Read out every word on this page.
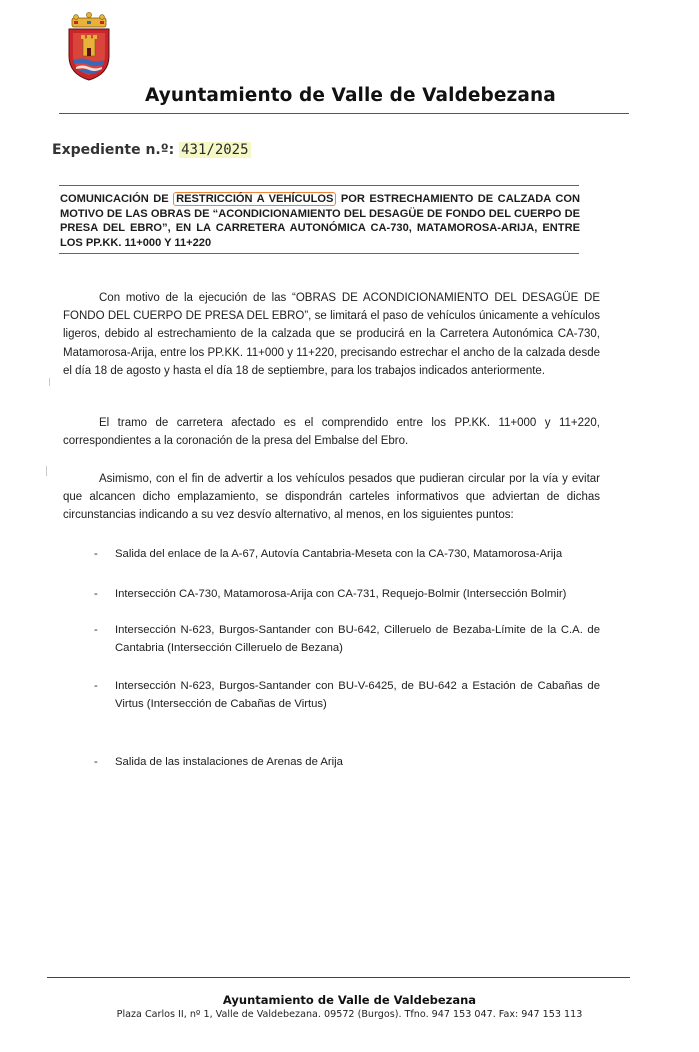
Ayuntamiento de Valle de Valdebezana
Expediente n.º: 431/2025
COMUNICACIÓN DE RESTRICCIÓN A VEHÍCULOS POR ESTRECHAMIENTO DE CALZADA CON MOTIVO DE LAS OBRAS DE “ACONDICIONAMIENTO DEL DESAGÜE DE FONDO DEL CUERPO DE PRESA DEL EBRO”, EN LA CARRETERA AUTONÓMICA CA-730, MATAMOROSA-ARIJA, ENTRE LOS PP.KK. 11+000 Y 11+220
Con motivo de la ejecución de las “OBRAS DE ACONDICIONAMIENTO DEL DESAGÜE DE FONDO DEL CUERPO DE PRESA DEL EBRO”, se limitará el paso de vehículos únicamente a vehículos ligeros, debido al estrechamiento de la calzada que se producirá en la Carretera Autonómica CA-730, Matamorosa-Arija, entre los PP.KK. 11+000 y 11+220, precisando estrechar el ancho de la calzada desde el día 18 de agosto y hasta el día 18 de septiembre, para los trabajos indicados anteriormente.
El tramo de carretera afectado es el comprendido entre los PP.KK. 11+000 y 11+220, correspondientes a la coronación de la presa del Embalse del Ebro.
Asimismo, con el fin de advertir a los vehículos pesados que pudieran circular por la vía y evitar que alcancen dicho emplazamiento, se dispondrán carteles informativos que adviertan de dichas circunstancias indicando a su vez desvío alternativo, al menos, en los siguientes puntos:
- Salida del enlace de la A-67, Autovía Cantabria-Meseta con la CA-730, Matamorosa-Arija
- Intersección CA-730, Matamorosa-Arija con CA-731, Requejo-Bolmir (Intersección Bolmir)
- Intersección N-623, Burgos-Santander con BU-642, Cilleruelo de Bezaba-Límite de la C.A. de Cantabria (Intersección Cilleruelo de Bezana)
- Intersección N-623, Burgos-Santander con BU-V-6425, de BU-642 a Estación de Cabañas de Virtus (Intersección de Cabañas de Virtus)
- Salida de las instalaciones de Arenas de Arija
Ayuntamiento de Valle de Valdebezana
Plaza Carlos II, nº 1, Valle de Valdebezana. 09572 (Burgos). Tfno. 947 153 047. Fax: 947 153 113
